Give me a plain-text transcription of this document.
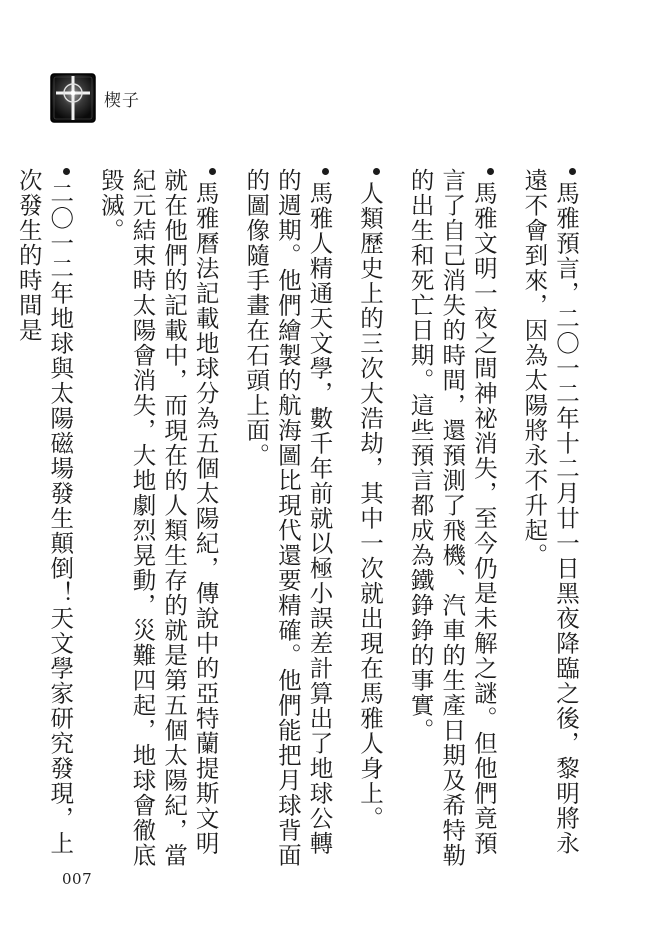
楔子

馬雅預言，二〇一二年十二月廿一日黑夜降臨之後，黎明將永遠不會到來，因為太陽將永不升起。

馬雅文明一夜之間神祕消失，至今仍是未解之謎。但他們竟預言了自己消失的時間，還預測了飛機、汽車的生產日期及希特勒的出生和死亡日期。這些預言都成為鐵錚錚的事實。

人類歷史上的三次大浩劫，其中一次就出現在馬雅人身上。

馬雅人精通天文學，數千年前就以極小誤差計算出了地球公轉的週期。他們繪製的航海圖比現代還要精確。他們能把月球背面的圖像隨手畫在石頭上面。

馬雅曆法記載地球分為五個太陽紀，傳說中的亞特蘭提斯文明就在他們的記載中，而現在的人類生存的就是第五個太陽紀，當紀元結束時太陽會消失，大地劇烈晃動，災難四起，地球會徹底毀滅。

二〇一二年地球與太陽磁場發生顛倒！天文學家研究發現，上次發生的時間是

007
